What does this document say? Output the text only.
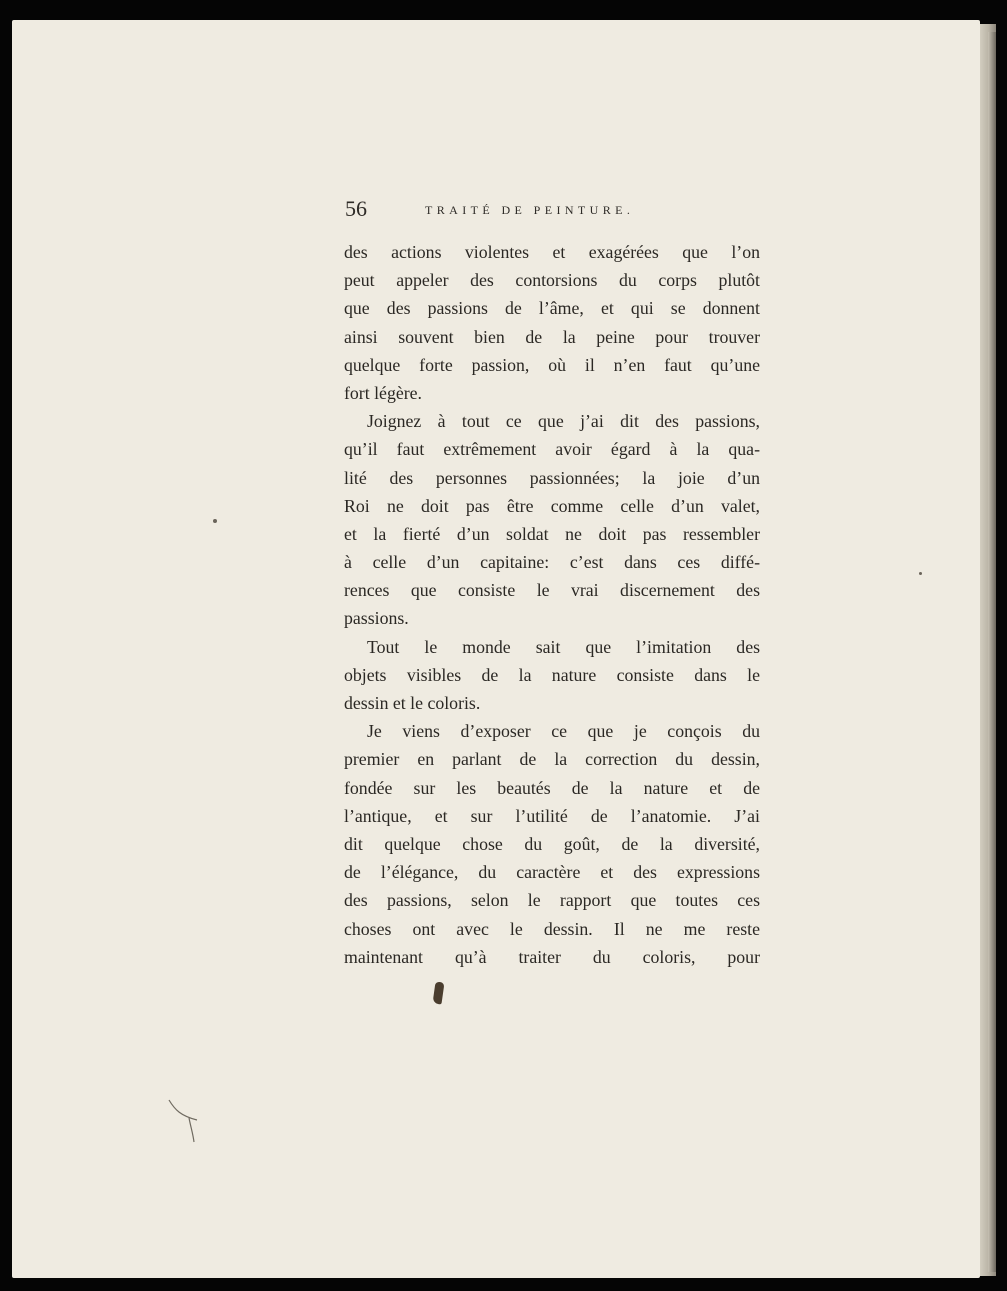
56	TRAITÉ DE PEINTURE.
des actions violentes et exagérées que l’on
peut appeler des contorsions du corps plutôt
que des passions de l’âme, et qui se donnent
ainsi souvent bien de la peine pour trouver
quelque forte passion, où il n’en faut qu’une
fort légère.
Joignez à tout ce que j’ai dit des passions,
qu’il faut extrêmement avoir égard à la qua-
lité des personnes passionnées; la joie d’un
Roi ne doit pas être comme celle d’un valet,
et la fierté d’un soldat ne doit pas ressembler
à celle d’un capitaine: c’est dans ces diffé-
rences que consiste le vrai discernement des
passions.
Tout le monde sait que l’imitation des
objets visibles de la nature consiste dans le
dessin et le coloris.
Je viens d’exposer ce que je conçois du
premier en parlant de la correction du dessin,
fondée sur les beautés de la nature et de
l’antique, et sur l’utilité de l’anatomie. J’ai
dit quelque chose du goût, de la diversité,
de l’élégance, du caractère et des expressions
des passions, selon le rapport que toutes ces
choses ont avec le dessin. Il ne me reste
maintenant qu’à traiter du coloris, pour
